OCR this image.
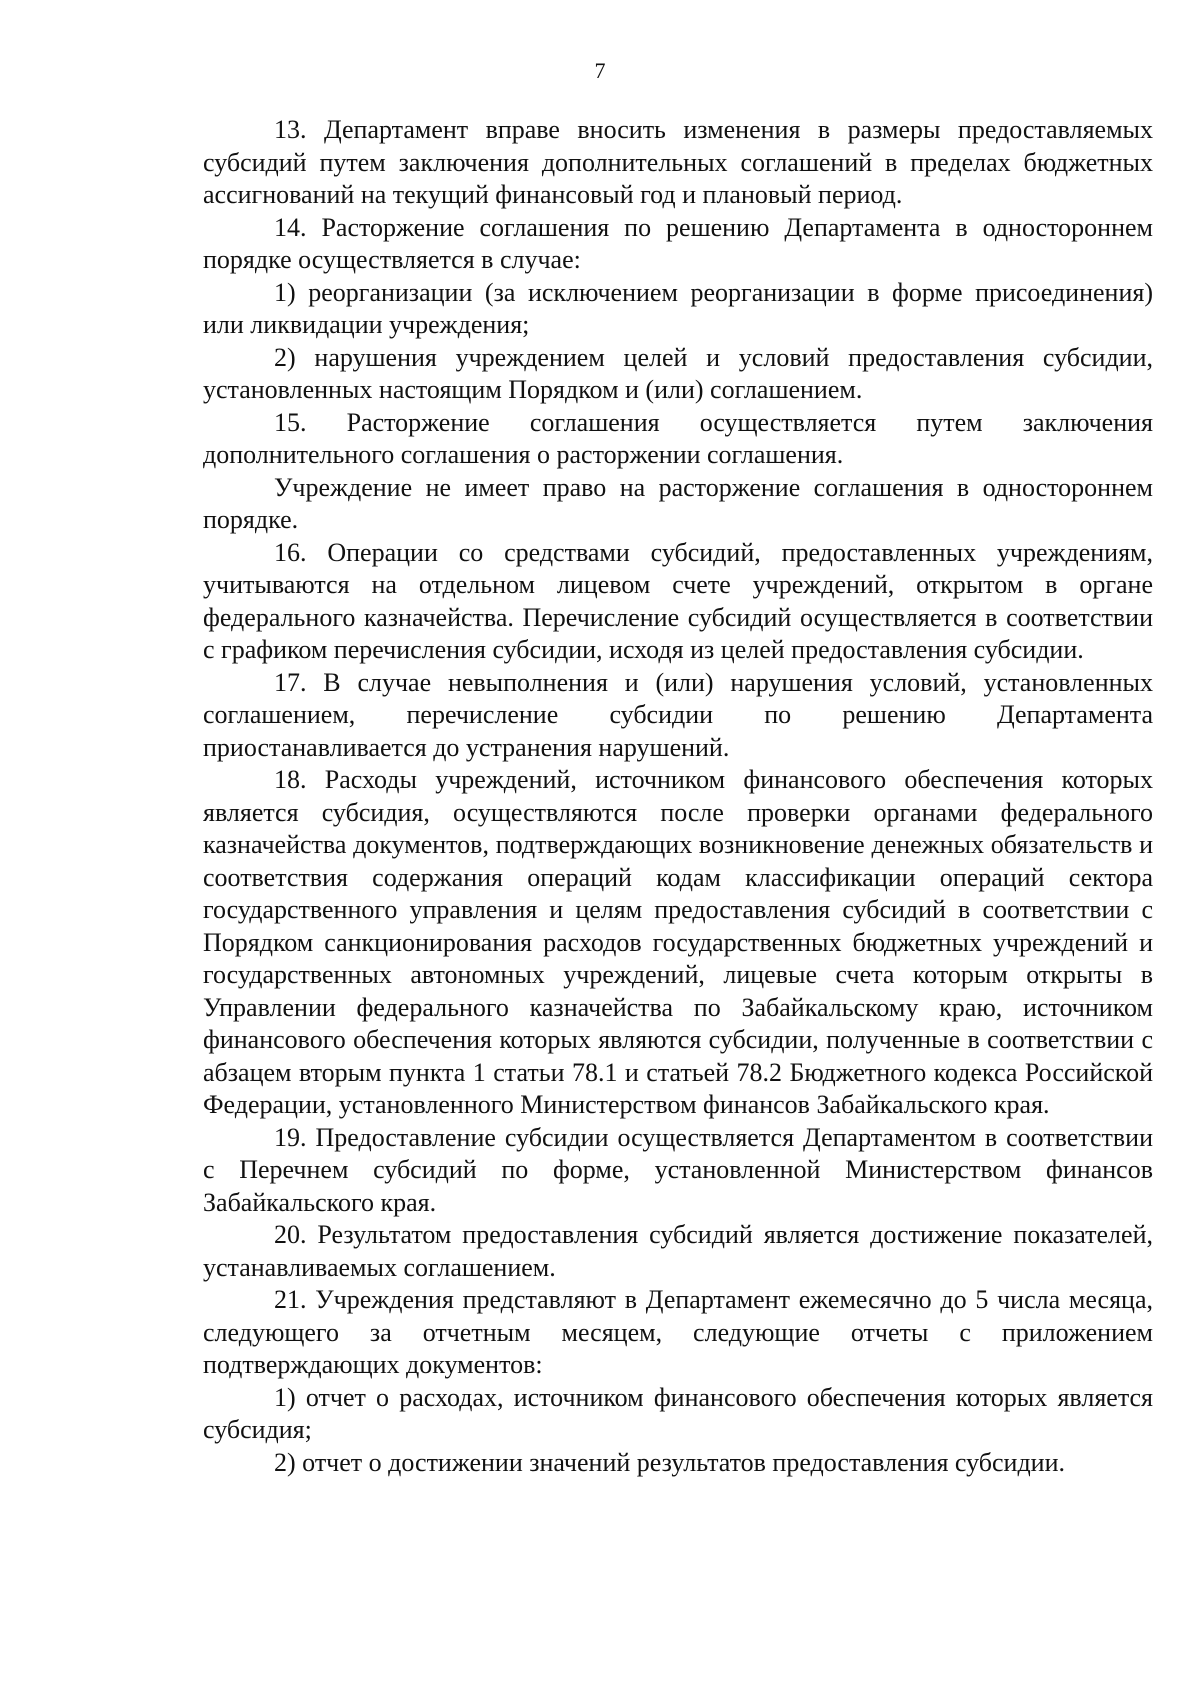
7

13. Департамент вправе вносить изменения в размеры предоставляемых субсидий путем заключения дополнительных соглашений в пределах бюджетных ассигнований на текущий финансовый год и плановый период.

14. Расторжение соглашения по решению Департамента в одностороннем порядке осуществляется в случае:

1) реорганизации (за исключением реорганизации в форме присоединения) или ликвидации учреждения;

2) нарушения учреждением целей и условий предоставления субсидии, установленных настоящим Порядком и (или) соглашением.

15. Расторжение соглашения осуществляется путем заключения дополнительного соглашения о расторжении соглашения.

Учреждение не имеет право на расторжение соглашения в одностороннем порядке.

16. Операции со средствами субсидий, предоставленных учреждениям, учитываются на отдельном лицевом счете учреждений, открытом в органе федерального казначейства. Перечисление субсидий осуществляется в соответствии с графиком перечисления субсидии, исходя из целей предоставления субсидии.

17. В случае невыполнения и (или) нарушения условий, установленных соглашением, перечисление субсидии по решению Департамента приостанавливается до устранения нарушений.

18. Расходы учреждений, источником финансового обеспечения которых является субсидия, осуществляются после проверки органами федерального казначейства документов, подтверждающих возникновение денежных обязательств и соответствия содержания операций кодам классификации операций сектора государственного управления и целям предоставления субсидий в соответствии с Порядком санкционирования расходов государственных бюджетных учреждений и государственных автономных учреждений, лицевые счета которым открыты в Управлении федерального казначейства по Забайкальскому краю, источником финансового обеспечения которых являются субсидии, полученные в соответствии с абзацем вторым пункта 1 статьи 78.1 и статьей 78.2 Бюджетного кодекса Российской Федерации, установленного Министерством финансов Забайкальского края.

19. Предоставление субсидии осуществляется Департаментом в соответствии с Перечнем субсидий по форме, установленной Министерством финансов Забайкальского края.

20. Результатом предоставления субсидий является достижение показателей, устанавливаемых соглашением.

21. Учреждения представляют в Департамент ежемесячно до 5 числа месяца, следующего за отчетным месяцем, следующие отчеты с приложением подтверждающих документов:

1) отчет о расходах, источником финансового обеспечения которых является субсидия;

2) отчет о достижении значений результатов предоставления субсидии.
